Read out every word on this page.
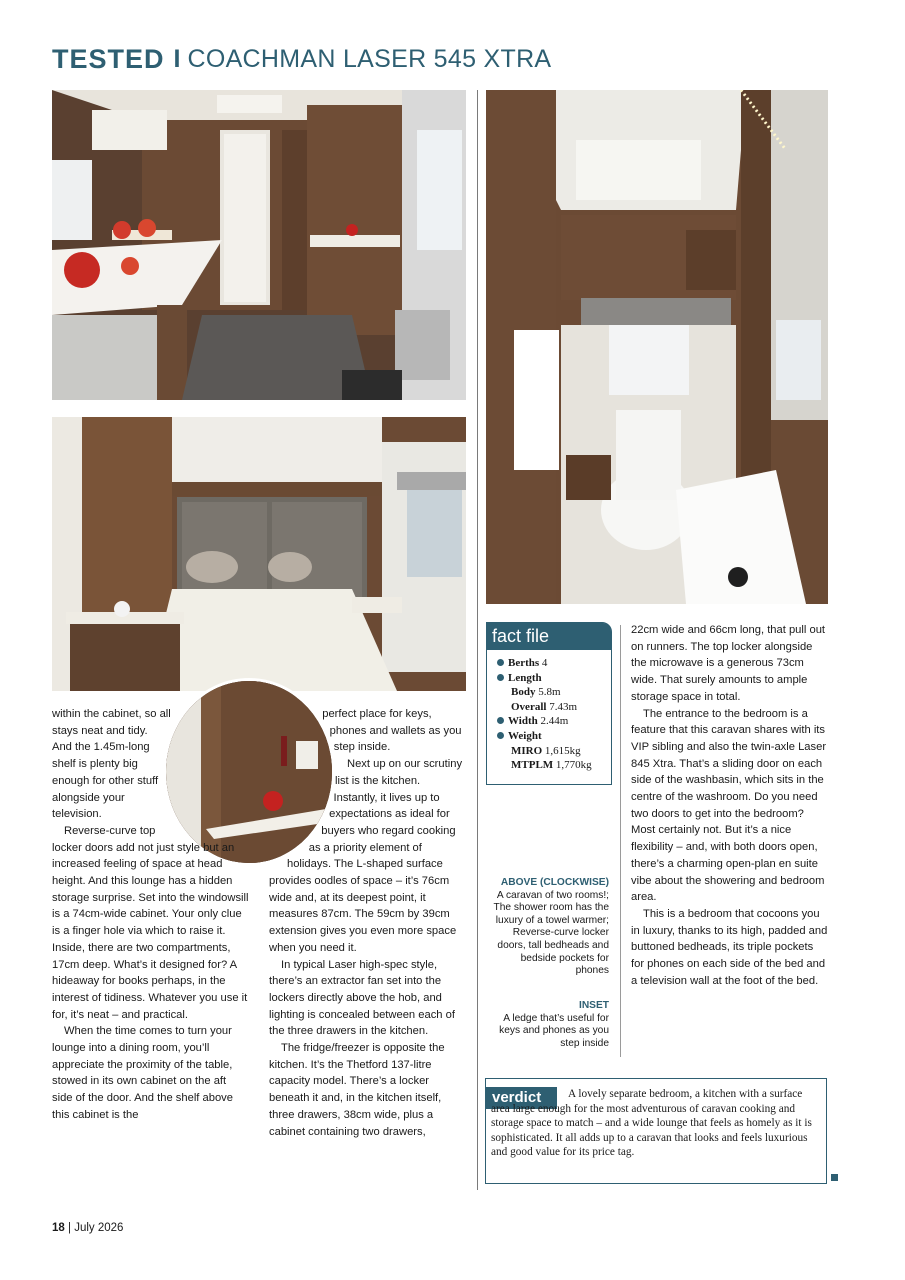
TESTED I COACHMAN LASER 545 XTRA

within the cabinet, so all stays neat and tidy. And the 1.45m-long shelf is plenty big enough for other stuff alongside your television.

Reverse-curve top locker doors add not just style but an increased feeling of space at head height. And this lounge has a hidden storage surprise. Set into the windowsill is a 74cm-wide cabinet. Your only clue is a finger hole via which to raise it. Inside, there are two compartments, 17cm deep. What’s it designed for? A hideaway for books perhaps, in the interest of tidiness. Whatever you use it for, it’s neat – and practical.

When the time comes to turn your lounge into a dining room, you’ll appreciate the proximity of the table, stowed in its own cabinet on the aft side of the door. And the shelf above this cabinet is the

perfect place for keys, phones and wallets as you step inside.

Next up on our scrutiny list is the kitchen. Instantly, it lives up to expectations as ideal for buyers who regard cooking as a priority element of holidays. The L-shaped surface provides oodles of space – it’s 76cm wide and, at its deepest point, it measures 87cm. The 59cm by 39cm extension gives you even more space when you need it.

In typical Laser high-spec style, there’s an extractor fan set into the lockers directly above the hob, and lighting is concealed between each of the three drawers in the kitchen.

The fridge/freezer is opposite the kitchen. It’s the Thetford 137-litre capacity model. There’s a locker beneath it and, in the kitchen itself, three drawers, 38cm wide, plus a cabinet containing two drawers,

fact file
Berths 4
Length
Body 5.8m
Overall 7.43m
Width 2.44m
Weight
MIRO 1,615kg
MTPLM 1,770kg
ABOVE (CLOCKWISE)
A caravan of two rooms!; The shower room has the luxury of a towel warmer; Reverse-curve locker doors, tall bedheads and bedside pockets for phones
INSET
A ledge that’s useful for keys and phones as you step inside

22cm wide and 66cm long, that pull out on runners. The top locker alongside the microwave is a generous 73cm wide. That surely amounts to ample storage space in total.

The entrance to the bedroom is a feature that this caravan shares with its VIP sibling and also the twin-axle Laser 845 Xtra. That’s a sliding door on each side of the washbasin, which sits in the centre of the washroom. Do you need two doors to get into the bedroom? Most certainly not. But it’s a nice flexibility – and, with both doors open, there’s a charming open-plan en suite vibe about the showering and bedroom area.

This is a bedroom that cocoons you in luxury, thanks to its high, padded and buttoned bedheads, its triple pockets for phones on each side of the bed and a television wall at the foot of the bed.

verdict	A lovely separate bedroom, a kitchen with a surface area large enough for the most adventurous of caravan cooking and storage space to match – and a wide lounge that feels as homely as it is sophisticated. It all adds up to a caravan that looks and feels luxurious and good value for its price tag.
18 | July 2026
